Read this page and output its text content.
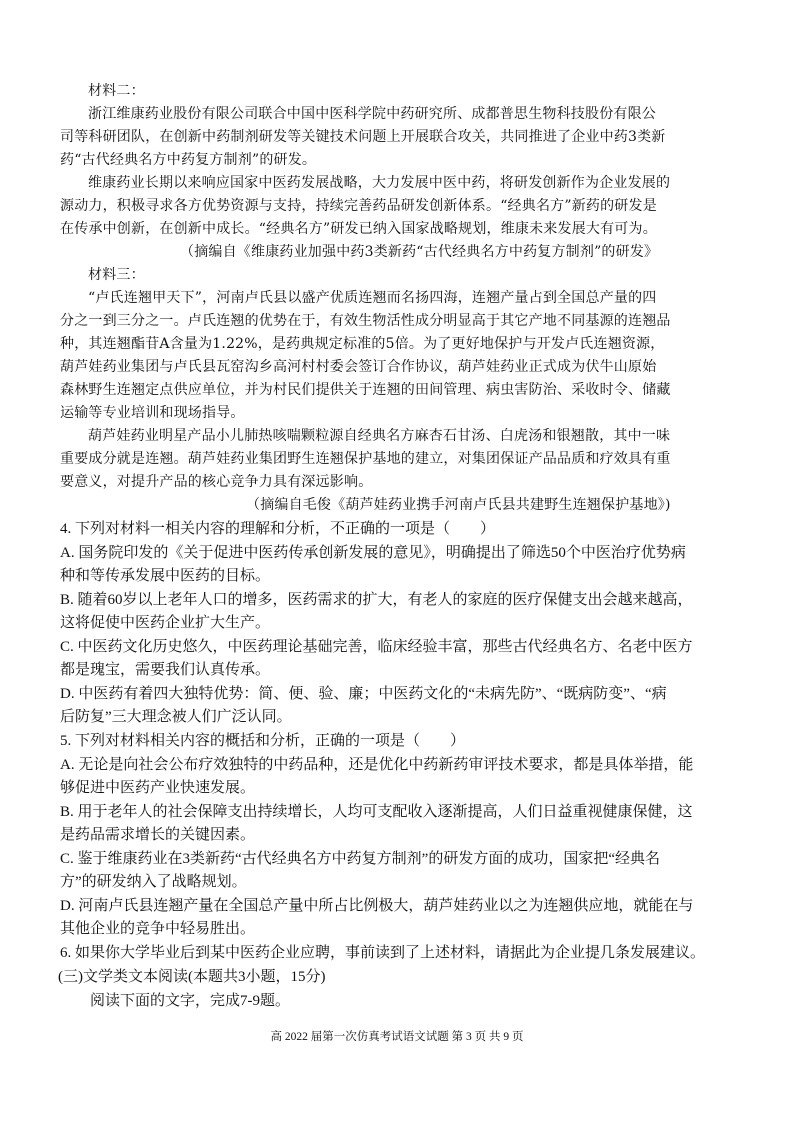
材料二：

浙江维康药业股份有限公司联合中国中医科学院中药研究所、成都普思生物科技股份有限公

司等科研团队，在创新中药制剂研发等关键技术问题上开展联合攻关，共同推进了企业中药3类新

药“古代经典名方中药复方制剂”的研发。

维康药业长期以来响应国家中医药发展战略，大力发展中医中药，将研发创新作为企业发展的

源动力，积极寻求各方优势资源与支持，持续完善药品研发创新体系。“经典名方”新药的研发是

在传承中创新，在创新中成长。“经典名方”研发已纳入国家战略规划，维康未来发展大有可为。

（摘编自《维康药业加强中药3类新药“古代经典名方中药复方制剂”的研发》

材料三：

“卢氏连翘甲天下”，河南卢氏县以盛产优质连翘而名扬四海，连翘产量占到全国总产量的四

分之一到三分之一。卢氏连翘的优势在于，有效生物活性成分明显高于其它产地不同基源的连翘品

种，其连翘酯苷A含量为1.22%，是药典规定标准的5倍。为了更好地保护与开发卢氏连翘资源，

葫芦娃药业集团与卢氏县瓦窑沟乡高河村村委会签订合作协议，葫芦娃药业正式成为伏牛山原始

森林野生连翘定点供应单位，并为村民们提供关于连翘的田间管理、病虫害防治、采收时令、储藏

运输等专业培训和现场指导。

葫芦娃药业明星产品小儿肺热咳喘颗粒源自经典名方麻杏石甘汤、白虎汤和银翘散，其中一味

重要成分就是连翘。葫芦娃药业集团野生连翘保护基地的建立，对集团保证产品品质和疗效具有重

要意义，对提升产品的核心竞争力具有深远影响。

（摘编自毛俊《葫芦娃药业携手河南卢氏县共建野生连翘保护基地》)

4. 下列对材料一相关内容的理解和分析，不正确的一项是（　　）

A. 国务院印发的《关于促进中医药传承创新发展的意见》，明确提出了筛选50个中医治疗优势病

种和等传承发展中医药的目标。

B. 随着60岁以上老年人口的增多，医药需求的扩大，有老人的家庭的医疗保健支出会越来越高，

这将促使中医药企业扩大生产。

C. 中医药文化历史悠久，中医药理论基础完善，临床经验丰富，那些古代经典名方、名老中医方

都是瑰宝，需要我们认真传承。

D. 中医药有着四大独特优势：简、便、验、廉；中医药文化的“未病先防”、“既病防变”、“病

后防复”三大理念被人们广泛认同。

5. 下列对材料相关内容的概括和分析，正确的一项是（　　）

A. 无论是向社会公布疗效独特的中药品种，还是优化中药新药审评技术要求，都是具体举措，能

够促进中医药产业快速发展。

B. 用于老年人的社会保障支出持续增长，人均可支配收入逐渐提高，人们日益重视健康保健，这

是药品需求增长的关键因素。

C. 鉴于维康药业在3类新药“古代经典名方中药复方制剂”的研发方面的成功，国家把“经典名

方”的研发纳入了战略规划。

D. 河南卢氏县连翘产量在全国总产量中所占比例极大，葫芦娃药业以之为连翘供应地，就能在与

其他企业的竞争中轻易胜出。

6. 如果你大学毕业后到某中医药企业应聘，事前读到了上述材料，请据此为企业提几条发展建议。

(三)文学类文本阅读(本题共3小题，15分)

阅读下面的文字，完成7-9题。

高 2022 届第一次仿真考试语文试题 第 3 页 共 9 页
